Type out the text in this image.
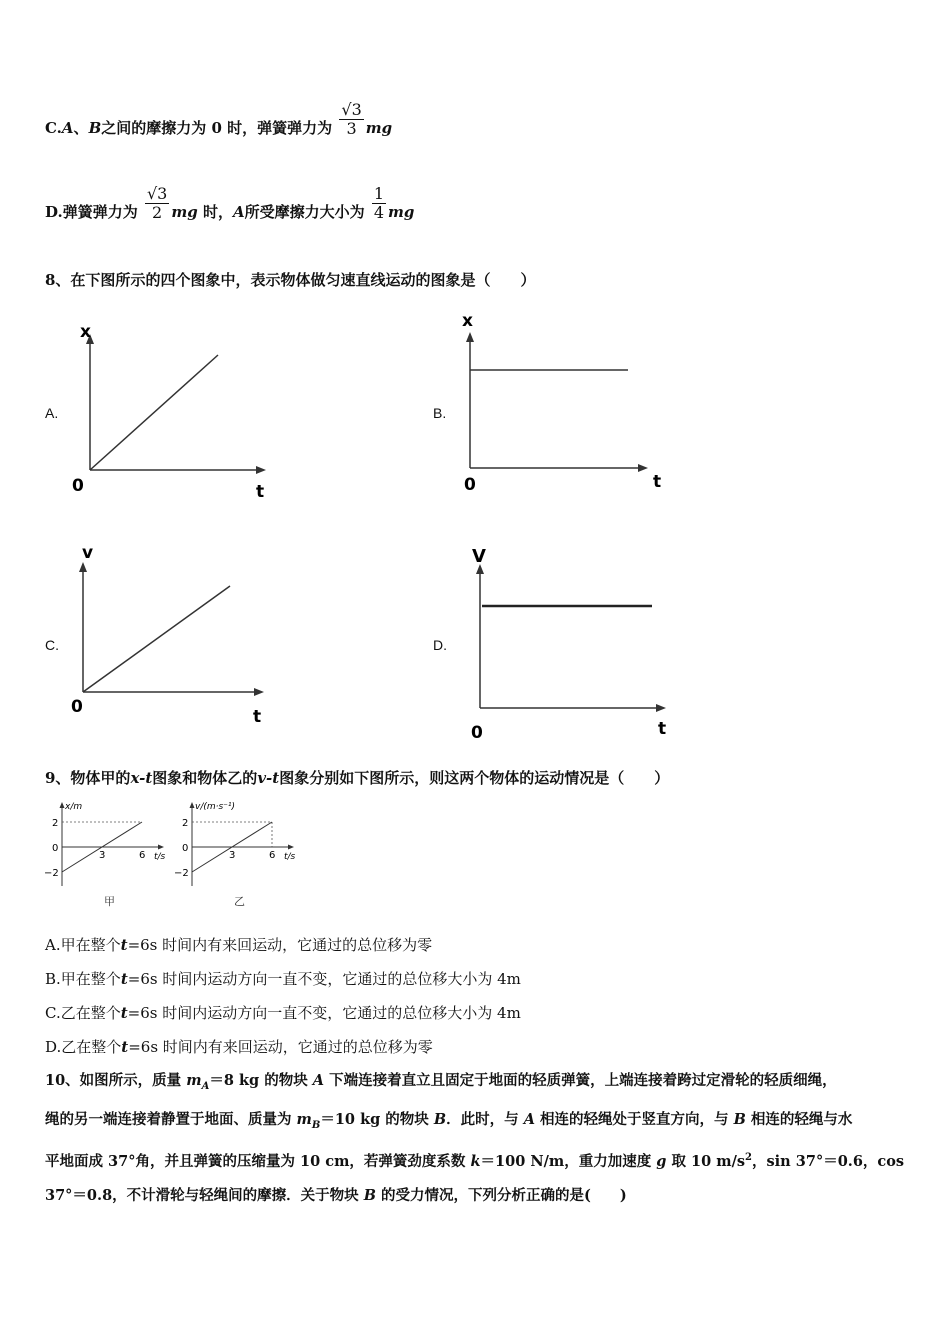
C.A、B之间的摩擦力为 0 时，弹簧弹力为 $\frac{√3}{3}$ mg
D.弹簧弹力为 $\frac{√3}{2}$ mg 时，A所受摩擦力大小为 $\frac{1}{4}$ mg
8、在下图所示的四个图象中，表示物体做匀速直线运动的图象是（　　）
A.
x
t
0
B.
x
t
0
C.
v
t
0
D.
V
t
0
9、物体甲的x-t图象和物体乙的v-t图象分别如下图所示，则这两个物体的运动情况是（　　）
2
0
−2
3	6
x/m
t/s
甲
2
0
−2
3	6
v/(m·s⁻¹)
t/s
乙
A.甲在整个t=6s 时间内有来回运动，它通过的总位移为零
B.甲在整个t=6s 时间内运动方向一直不变，它通过的总位移大小为 4m
C.乙在整个t=6s 时间内运动方向一直不变，它通过的总位移大小为 4m
D.乙在整个t=6s 时间内有来回运动，它通过的总位移为零
10、如图所示，质量 $m_A=8$ kg 的物块 A 下端连接着直立且固定于地面的轻质弹簧，上端连接着跨过定滑轮的轻质细绳，
绳的另一端连接着静置于地面、质量为 $m_B=10$ kg 的物块 B．此时，与 A 相连的轻绳处于竖直方向，与 B 相连的轻绳与水
平地面成 37°角，并且弹簧的压缩量为 10 cm，若弹簧劲度系数 k＝100 N/m，重力加速度 g 取 10 $m/s^2$，sin 37°＝0.6，cos
37°＝0.8，不计滑轮与轻绳间的摩擦．关于物块 B 的受力情况，下列分析正确的是(　　)
